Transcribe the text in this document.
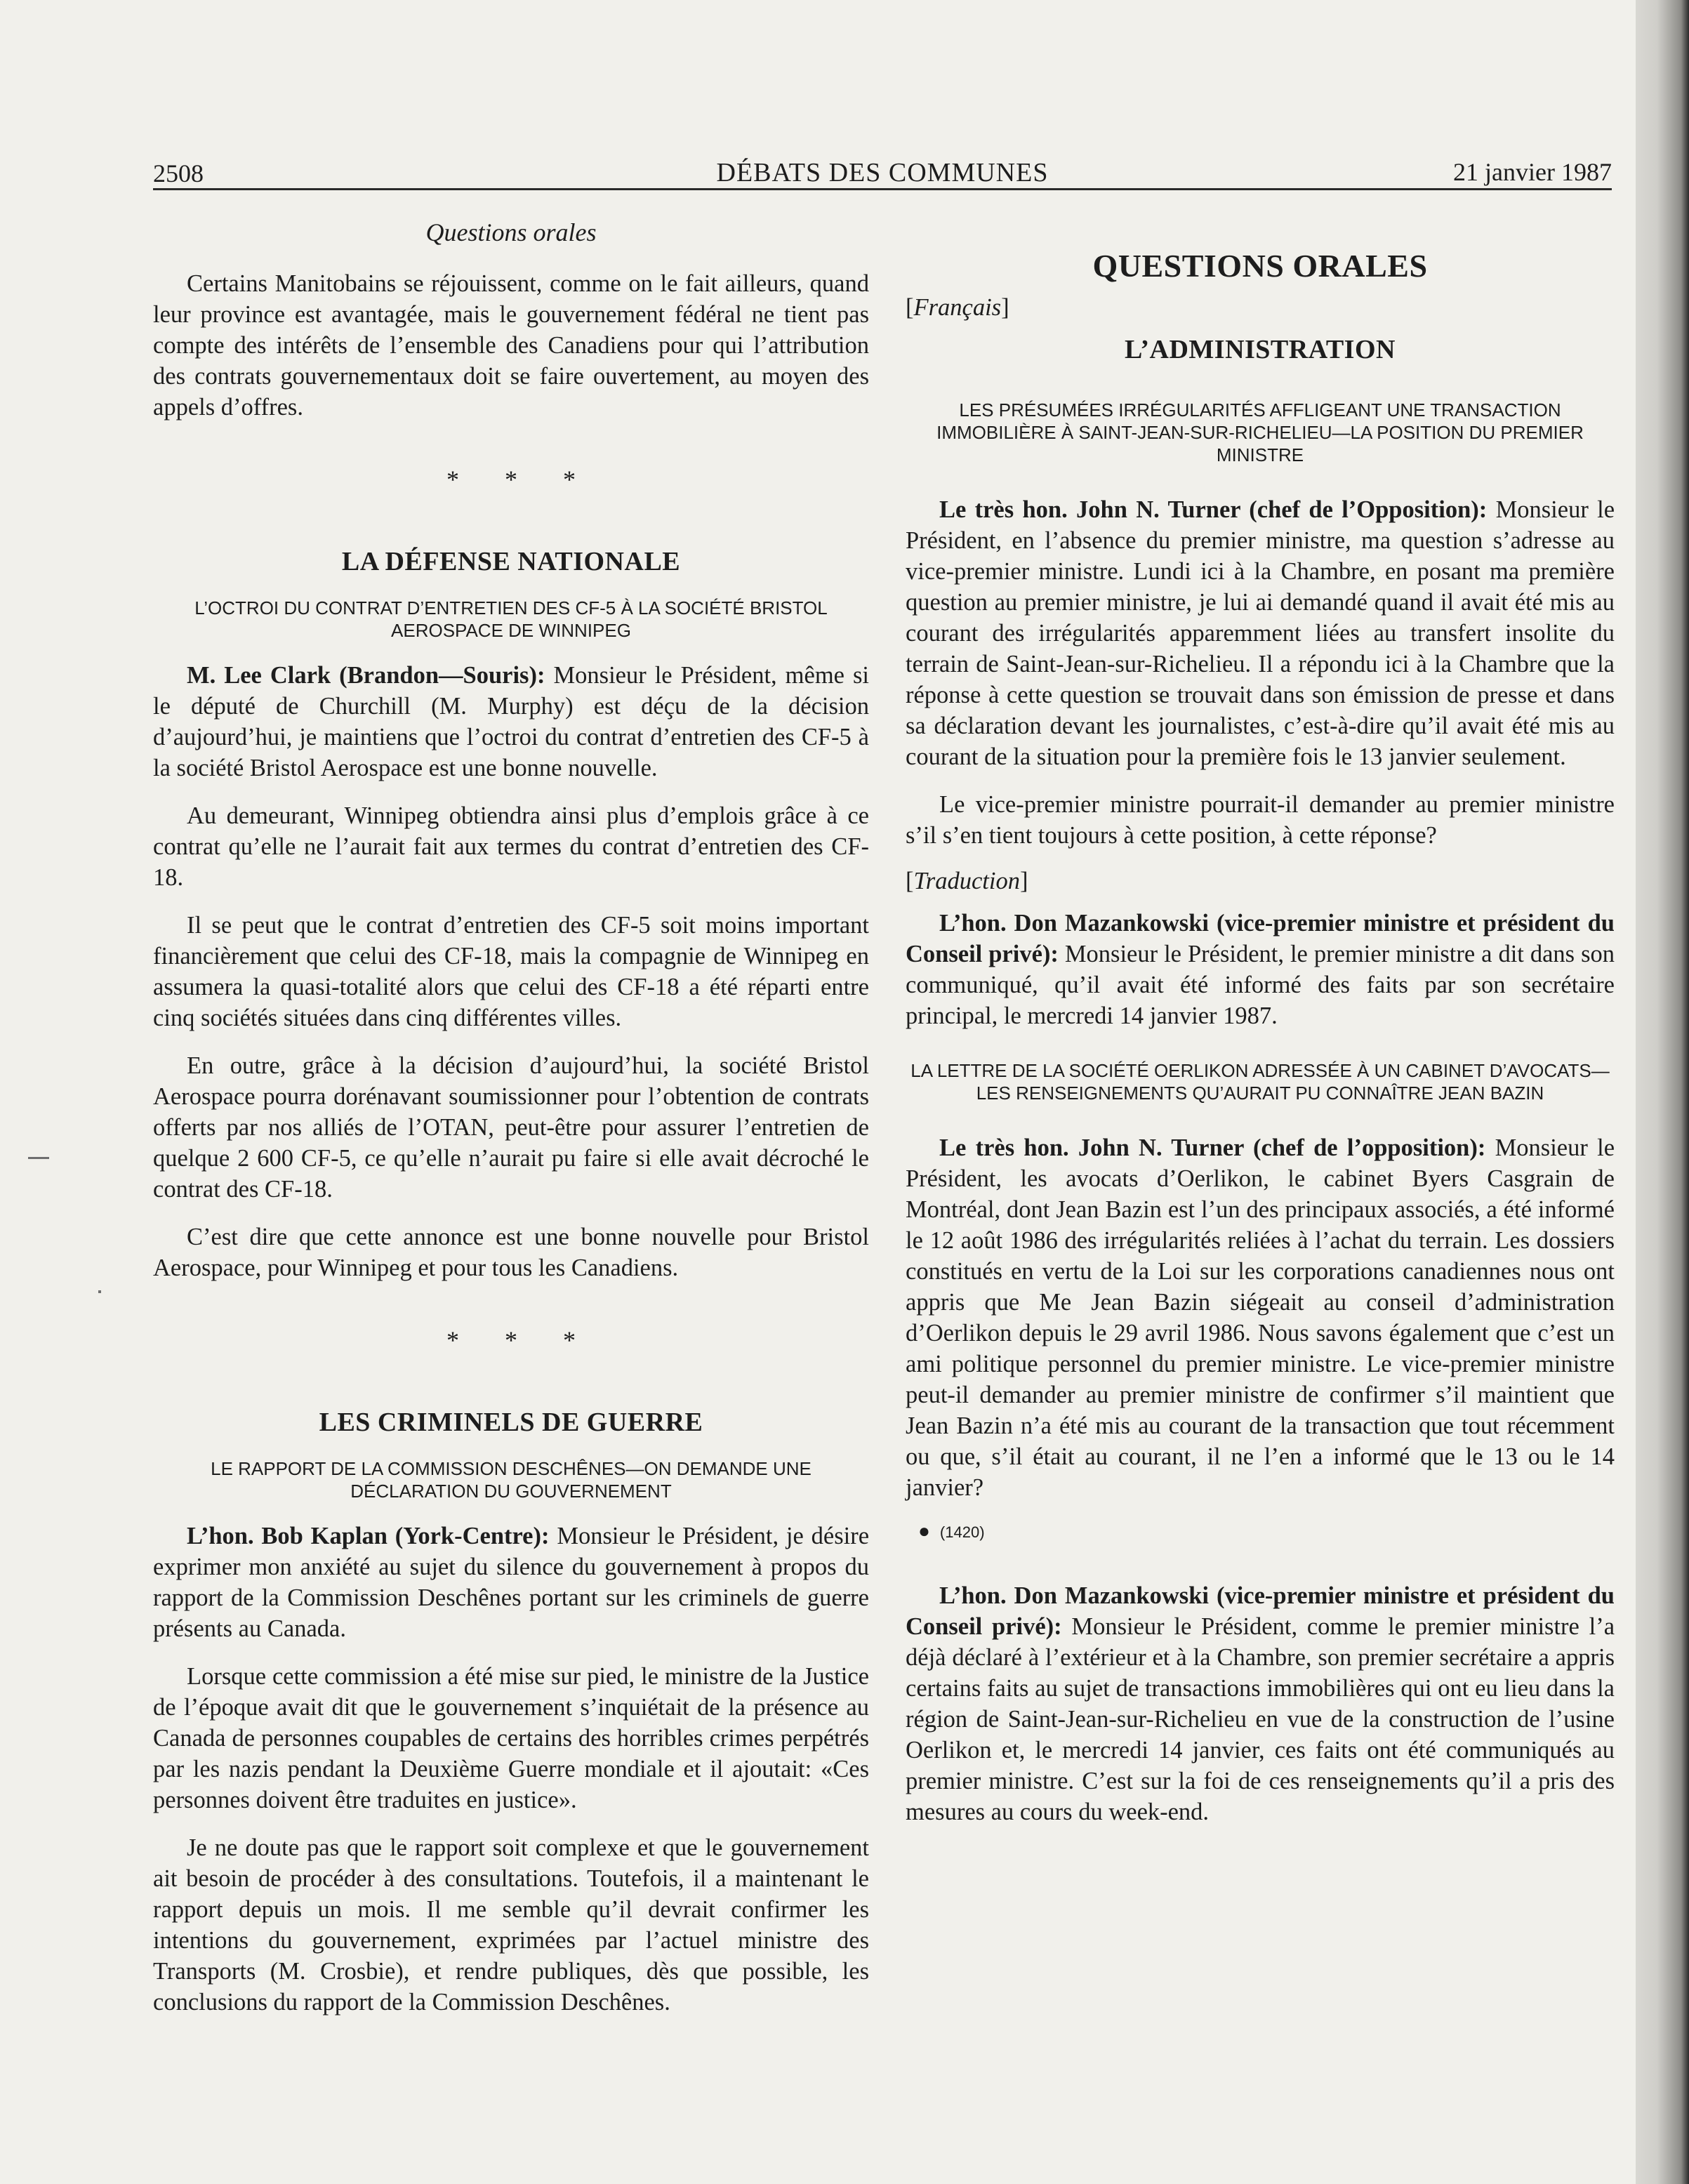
2508	DÉBATS DES COMMUNES	21 janvier 1987
Questions orales

Certains Manitobains se réjouissent, comme on le fait ailleurs, quand leur province est avantagée, mais le gouvernement fédéral ne tient pas compte des intérêts de l’ensemble des Canadiens pour qui l’attribution des contrats gouvernementaux doit se faire ouvertement, au moyen des appels d’offres.

* * *
LA DÉFENSE NATIONALE
L’OCTROI DU CONTRAT D’ENTRETIEN DES CF-5 À LA SOCIÉTÉ BRISTOL AEROSPACE DE WINNIPEG

M. Lee Clark (Brandon—Souris): Monsieur le Président, même si le député de Churchill (M. Murphy) est déçu de la décision d’aujourd’hui, je maintiens que l’octroi du contrat d’entretien des CF-5 à la société Bristol Aerospace est une bonne nouvelle.

Au demeurant, Winnipeg obtiendra ainsi plus d’emplois grâce à ce contrat qu’elle ne l’aurait fait aux termes du contrat d’entretien des CF-18.

Il se peut que le contrat d’entretien des CF-5 soit moins important financièrement que celui des CF-18, mais la compagnie de Winnipeg en assumera la quasi-totalité alors que celui des CF-18 a été réparti entre cinq sociétés situées dans cinq différentes villes.

En outre, grâce à la décision d’aujourd’hui, la société Bristol Aerospace pourra dorénavant soumissionner pour l’obtention de contrats offerts par nos alliés de l’OTAN, peut-être pour assurer l’entretien de quelque 2 600 CF-5, ce qu’elle n’aurait pu faire si elle avait décroché le contrat des CF-18.

C’est dire que cette annonce est une bonne nouvelle pour Bristol Aerospace, pour Winnipeg et pour tous les Canadiens.

* * *
LES CRIMINELS DE GUERRE
LE RAPPORT DE LA COMMISSION DESCHÊNES—ON DEMANDE UNE DÉCLARATION DU GOUVERNEMENT

L’hon. Bob Kaplan (York-Centre): Monsieur le Président, je désire exprimer mon anxiété au sujet du silence du gouvernement à propos du rapport de la Commission Deschênes portant sur les criminels de guerre présents au Canada.

Lorsque cette commission a été mise sur pied, le ministre de la Justice de l’époque avait dit que le gouvernement s’inquiétait de la présence au Canada de personnes coupables de certains des horribles crimes perpétrés par les nazis pendant la Deuxième Guerre mondiale et il ajoutait: «Ces personnes doivent être traduites en justice».

Je ne doute pas que le rapport soit complexe et que le gouvernement ait besoin de procéder à des consultations. Toutefois, il a maintenant le rapport depuis un mois. Il me semble qu’il devrait confirmer les intentions du gouvernement, exprimées par l’actuel ministre des Transports (M. Crosbie), et rendre publiques, dès que possible, les conclusions du rapport de la Commission Deschênes.

QUESTIONS ORALES
[Français]
L’ADMINISTRATION
LES PRÉSUMÉES IRRÉGULARITÉS AFFLIGEANT UNE TRANSACTION IMMOBILIÈRE À SAINT-JEAN-SUR-RICHELIEU—LA POSITION DU PREMIER MINISTRE

Le très hon. John N. Turner (chef de l’Opposition): Monsieur le Président, en l’absence du premier ministre, ma question s’adresse au vice-premier ministre. Lundi ici à la Chambre, en posant ma première question au premier ministre, je lui ai demandé quand il avait été mis au courant des irrégularités apparemment liées au transfert insolite du terrain de Saint-Jean-sur-Richelieu. Il a répondu ici à la Chambre que la réponse à cette question se trouvait dans son émission de presse et dans sa déclaration devant les journalistes, c’est-à-dire qu’il avait été mis au courant de la situation pour la première fois le 13 janvier seulement.

Le vice-premier ministre pourrait-il demander au premier ministre s’il s’en tient toujours à cette position, à cette réponse?

[Traduction]

L’hon. Don Mazankowski (vice-premier ministre et président du Conseil privé): Monsieur le Président, le premier ministre a dit dans son communiqué, qu’il avait été informé des faits par son secrétaire principal, le mercredi 14 janvier 1987.

LA LETTRE DE LA SOCIÉTÉ OERLIKON ADRESSÉE À UN CABINET D’AVOCATS—LES RENSEIGNEMENTS QU’AURAIT PU CONNAÎTRE JEAN BAZIN

Le très hon. John N. Turner (chef de l’opposition): Monsieur le Président, les avocats d’Oerlikon, le cabinet Byers Casgrain de Montréal, dont Jean Bazin est l’un des principaux associés, a été informé le 12 août 1986 des irrégularités reliées à l’achat du terrain. Les dossiers constitués en vertu de la Loi sur les corporations canadiennes nous ont appris que Me Jean Bazin siégeait au conseil d’administration d’Oerlikon depuis le 29 avril 1986. Nous savons également que c’est un ami politique personnel du premier ministre. Le vice-premier ministre peut-il demander au premier ministre de confirmer s’il maintient que Jean Bazin n’a été mis au courant de la transaction que tout récemment ou que, s’il était au courant, il ne l’en a informé que le 13 ou le 14 janvier?

● (1420)

L’hon. Don Mazankowski (vice-premier ministre et président du Conseil privé): Monsieur le Président, comme le premier ministre l’a déjà déclaré à l’extérieur et à la Chambre, son premier secrétaire a appris certains faits au sujet de transactions immobilières qui ont eu lieu dans la région de Saint-Jean-sur-Richelieu en vue de la construction de l’usine Oerlikon et, le mercredi 14 janvier, ces faits ont été communiqués au premier ministre. C’est sur la foi de ces renseignements qu’il a pris des mesures au cours du week-end.
